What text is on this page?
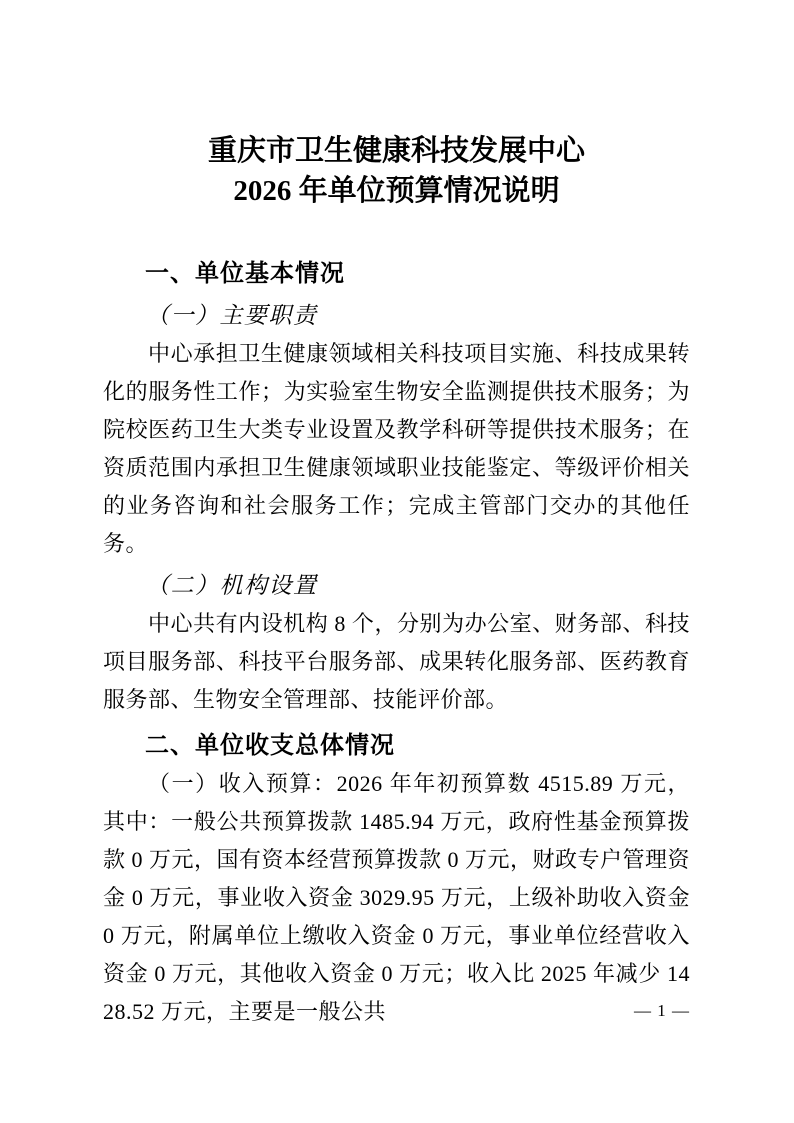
重庆市卫生健康科技发展中心
2026 年单位预算情况说明
一、单位基本情况
（一）主要职责
中心承担卫生健康领域相关科技项目实施、科技成果转化的服务性工作；为实验室生物安全监测提供技术服务；为院校医药卫生大类专业设置及教学科研等提供技术服务；在资质范围内承担卫生健康领域职业技能鉴定、等级评价相关的业务咨询和社会服务工作；完成主管部门交办的其他任务。
（二）机构设置
中心共有内设机构 8 个，分别为办公室、财务部、科技项目服务部、科技平台服务部、成果转化服务部、医药教育服务部、生物安全管理部、技能评价部。
二、单位收支总体情况
（一）收入预算：2026 年年初预算数 4515.89 万元，其中：一般公共预算拨款 1485.94 万元，政府性基金预算拨款 0 万元，国有资本经营预算拨款 0 万元，财政专户管理资金 0 万元，事业收入资金 3029.95 万元，上级补助收入资金 0 万元，附属单位上缴收入资金 0 万元，事业单位经营收入资金 0 万元，其他收入资金 0 万元；收入比 2025 年减少 1428.52 万元，主要是一般公共	— 1 —
